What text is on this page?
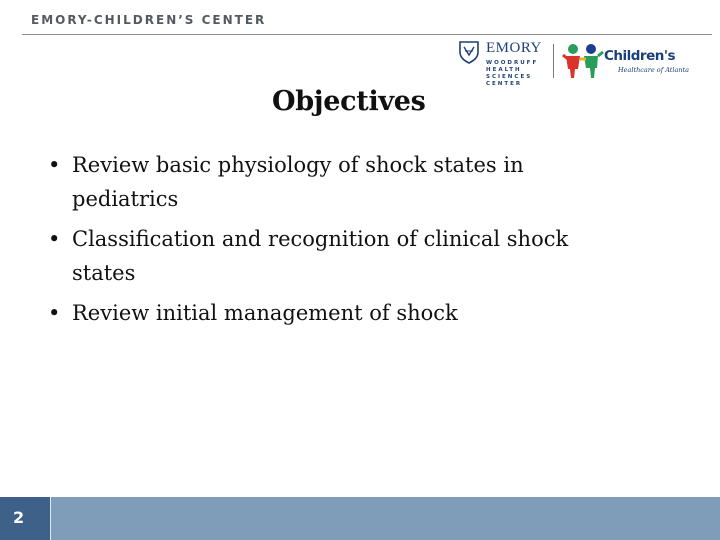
EMORY-CHILDREN’S CENTER
EMORY
WOODRUFF
HEALTH
SCIENCES
CENTER
Children's
Healthcare of Atlanta
Objectives
• Review basic physiology of shock states in pediatrics
• Classification and recognition of clinical shock states
• Review initial management of shock
2
